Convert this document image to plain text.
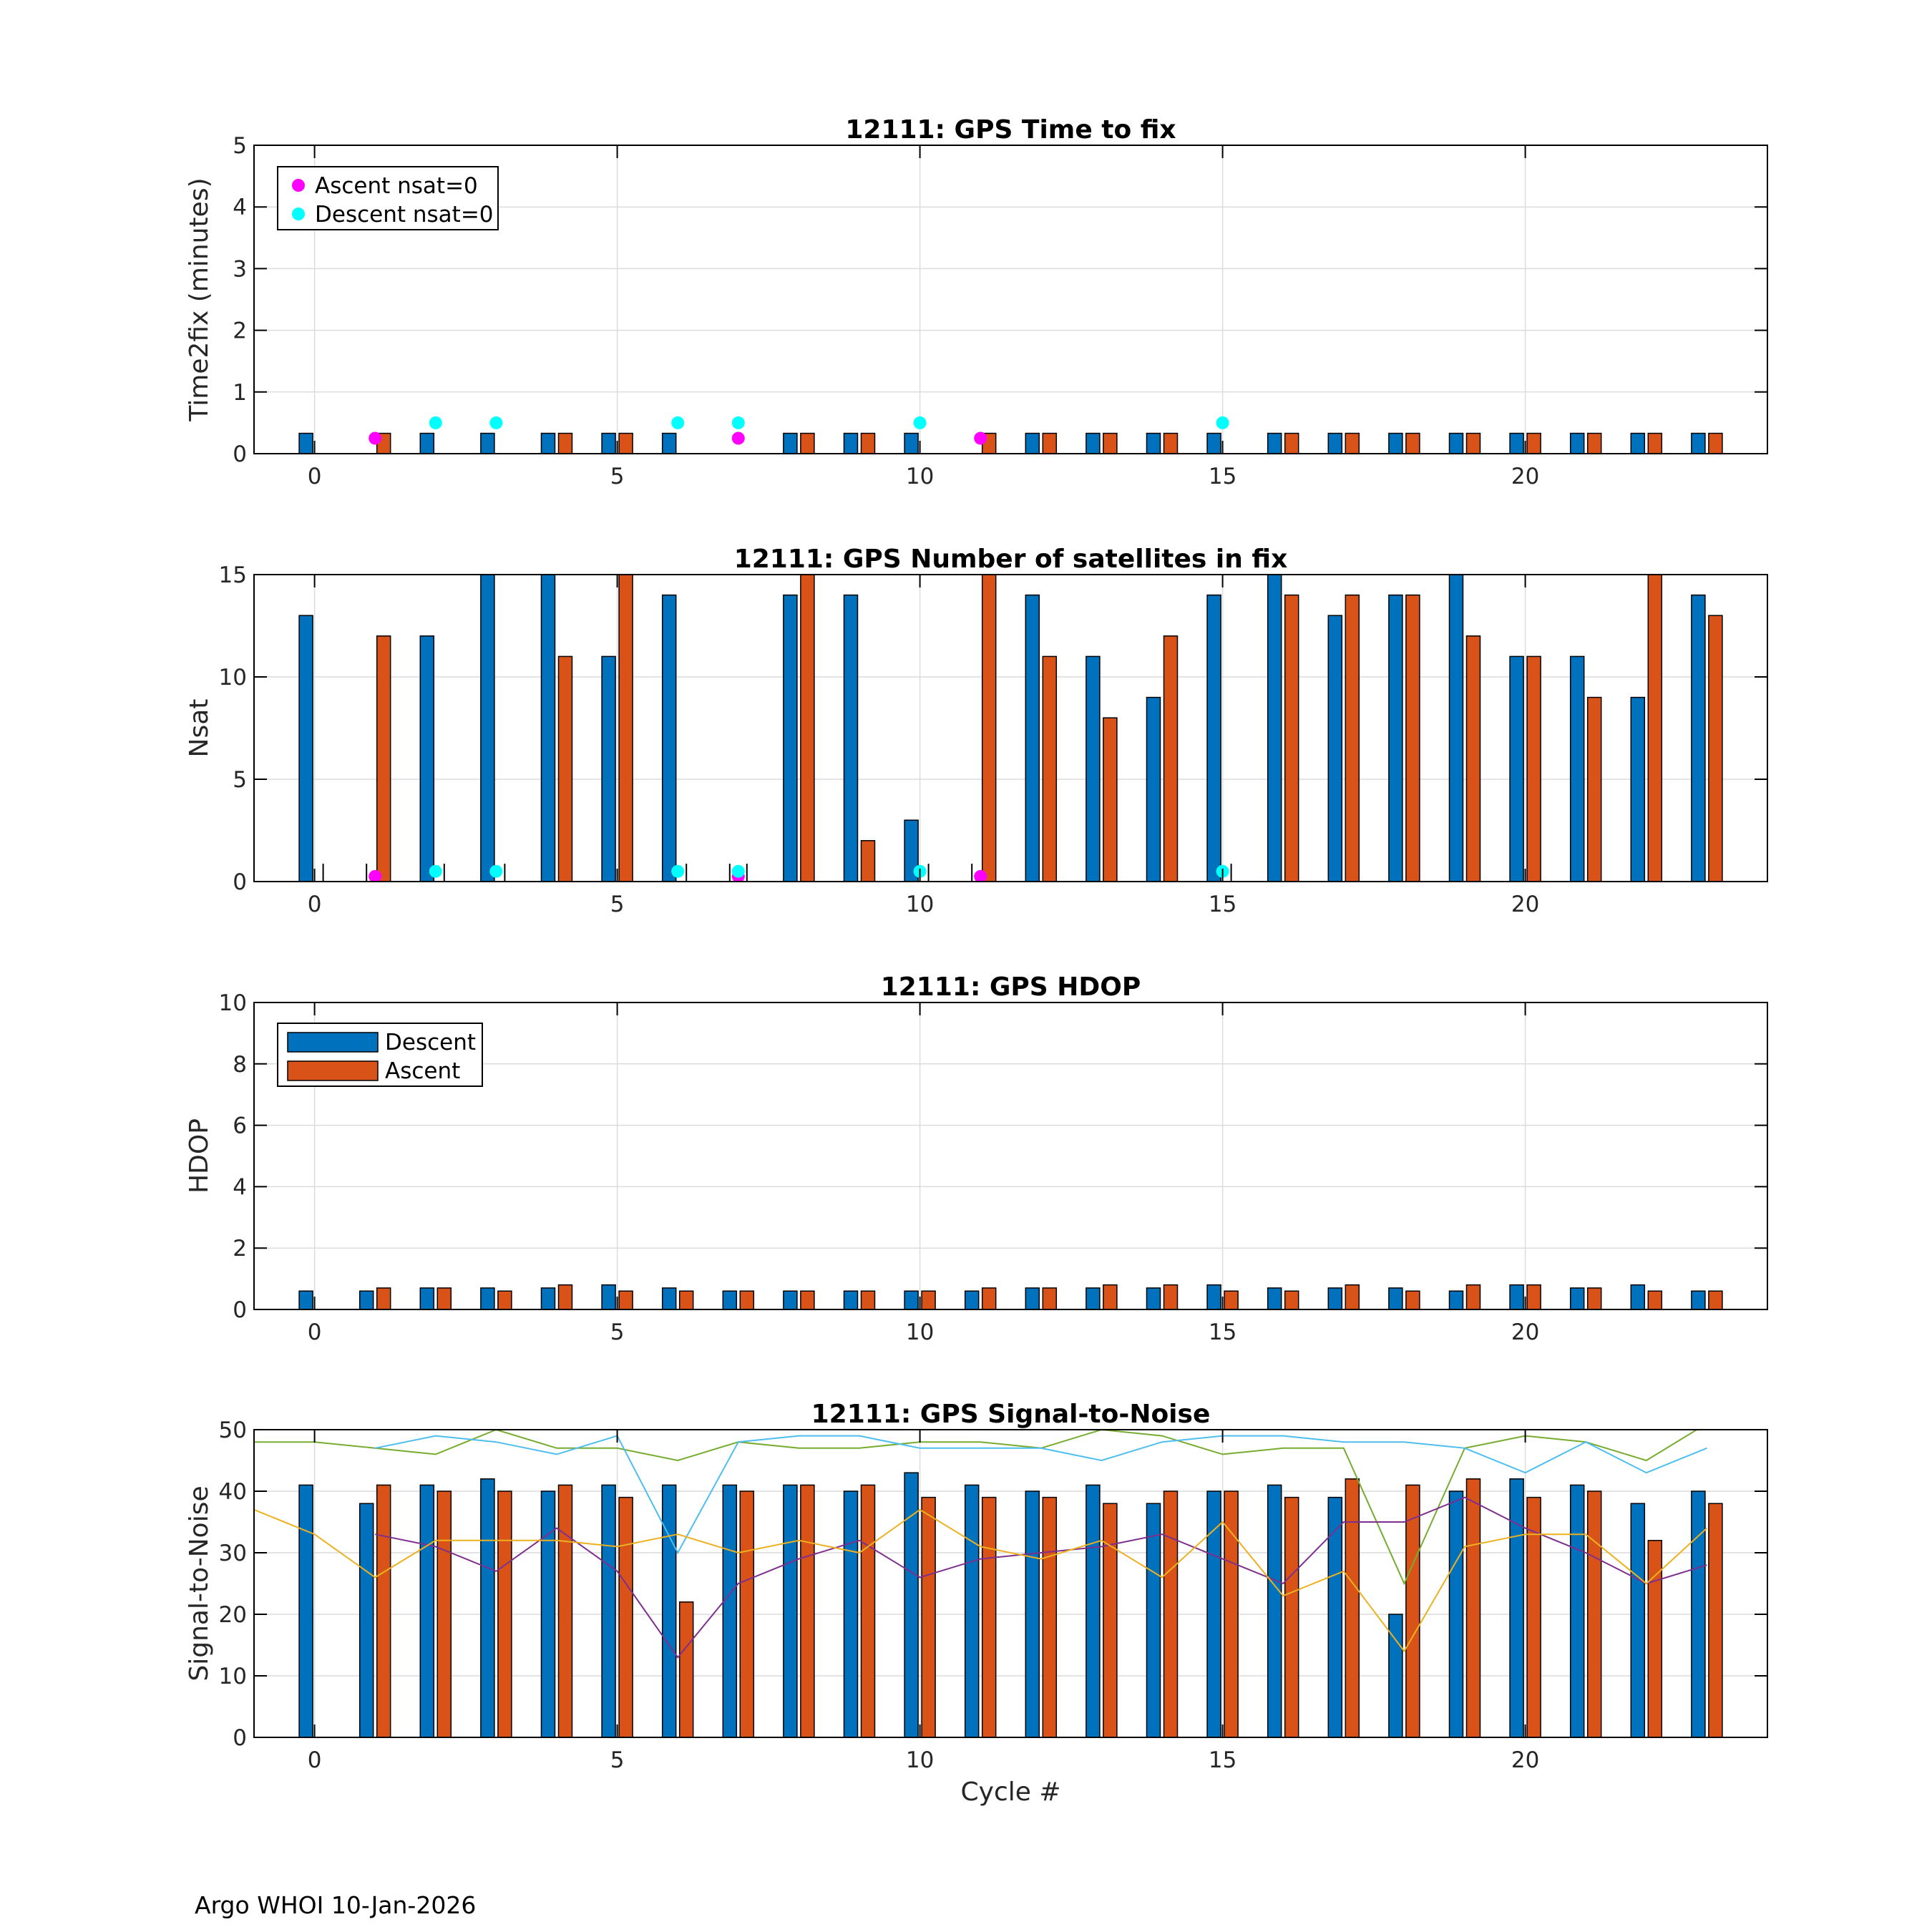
0	5	10	15	20
0
1
2
3
4
5
12111: GPS Time to fix
Time2fix (minutes)	Ascent nsat=0
Descent nsat=0
0	5	10	15	20
0
5
10
15
12111: GPS Number of satellites in fix
Nsat
0	5	10	15	20
0
2
4
6
8
10
12111: GPS HDOP
HDOP
Descent
Ascent
0	5	10	15	20
0
10
20
30
40
50
12111: GPS Signal-to-Noise
Signal-to-Noise
Cycle #
Argo WHOI 10-Jan-2026
